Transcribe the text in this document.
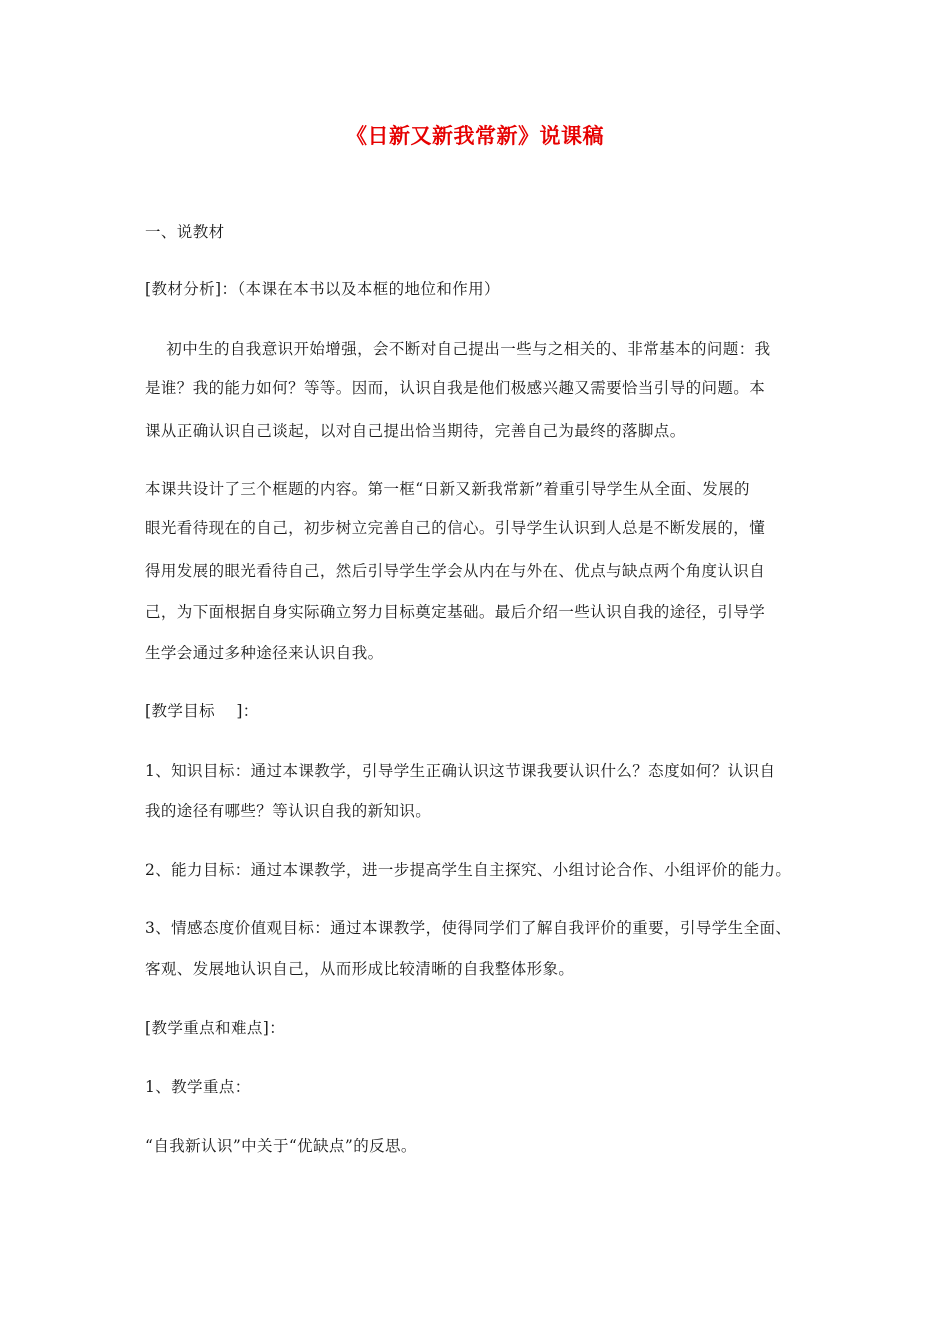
《日新又新我常新》说课稿
一、说教材
[教材分析]：（本课在本书以及本框的地位和作用）
初中生的自我意识开始增强，会不断对自己提出一些与之相关的、非常基本的问题：我
是谁？我的能力如何？等等。因而，认识自我是他们极感兴趣又需要恰当引导的问题。本
课从正确认识自己谈起，以对自己提出恰当期待，完善自己为最终的落脚点。
本课共设计了三个框题的内容。第一框“日新又新我常新”着重引导学生从全面、发展的
眼光看待现在的自己，初步树立完善自己的信心。引导学生认识到人总是不断发展的，懂
得用发展的眼光看待自己，然后引导学生学会从内在与外在、优点与缺点两个角度认识自
己，为下面根据自身实际确立努力目标奠定基础。最后介绍一些认识自我的途径，引导学
生学会通过多种途径来认识自我。
[教学目标    ]：
1、知识目标：通过本课教学，引导学生正确认识这节课我要认识什么？态度如何？认识自
我的途径有哪些？等认识自我的新知识。
2、能力目标：通过本课教学，进一步提高学生自主探究、小组讨论合作、小组评价的能力。
3、情感态度价值观目标：通过本课教学，使得同学们了解自我评价的重要，引导学生全面、
客观、发展地认识自己，从而形成比较清晰的自我整体形象。
[教学重点和难点]：
1、教学重点：
“自我新认识”中关于“优缺点”的反思。
